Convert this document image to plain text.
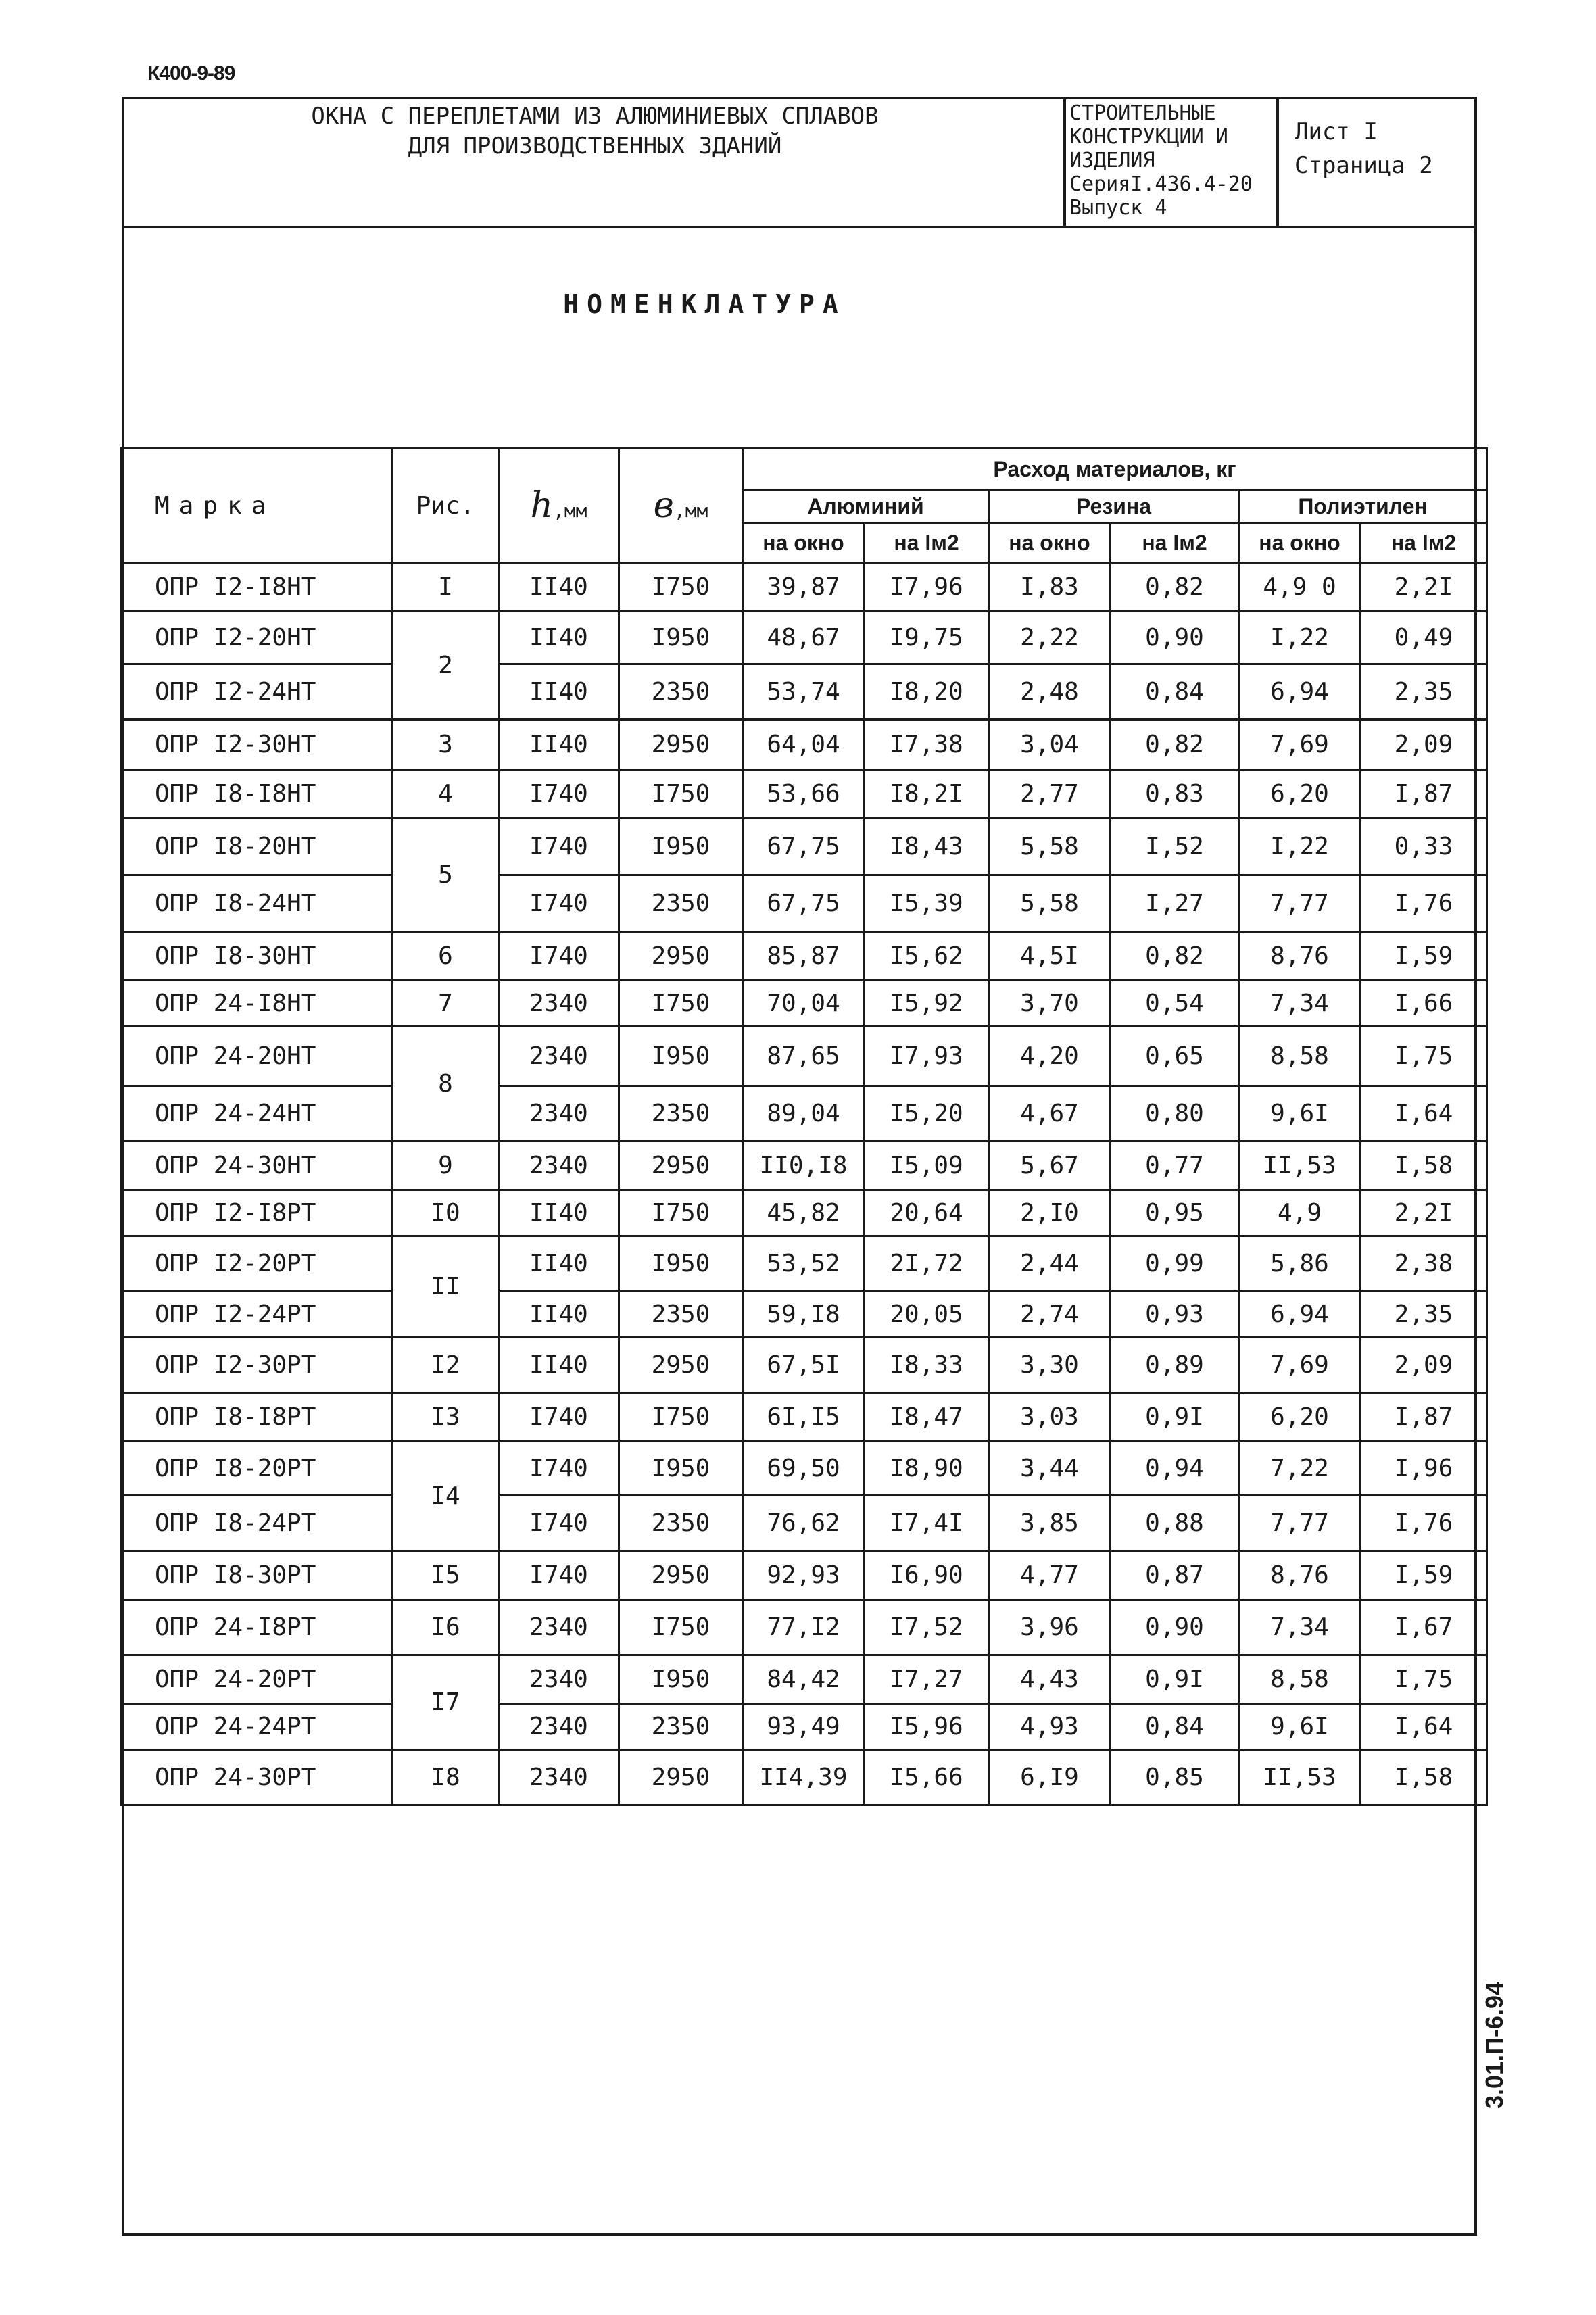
К400-9-89
ОКНА С ПЕРЕПЛЕТАМИ ИЗ АЛЮМИНИЕВЫХ СПЛАВОВ
ДЛЯ ПРОИЗВОДСТВЕННЫХ ЗДАНИЙ
СТРОИТЕЛЬНЫЕ
КОНСТРУКЦИИ И
ИЗДЕЛИЯ
СерияI.436.4-20
Выпуск 4
Лист I
Страница 2
НОМЕНКЛАТУРА
Марка	Рис.	h,мм	в,мм	Расход материалов, кг					
				Алюминий		Резина		Полиэтилен	
				на окно	на Iм2	на окно	на Iм2	на окно	на Iм2
ОПР I2-I8НТ	I	II40	I750	39,87	I7,96	I,83	0,82	4,9 0	2,2I
ОПР I2-20НТ	2	II40	I950	48,67	I9,75	2,22	0,90	I,22	0,49
ОПР I2-24НТ		II40	2350	53,74	I8,20	2,48	0,84	6,94	2,35
ОПР I2-30НТ	3	II40	2950	64,04	I7,38	3,04	0,82	7,69	2,09
ОПР I8-I8НТ	4	I740	I750	53,66	I8,2I	2,77	0,83	6,20	I,87
ОПР I8-20НТ	5	I740	I950	67,75	I8,43	5,58	I,52	I,22	0,33
ОПР I8-24НТ		I740	2350	67,75	I5,39	5,58	I,27	7,77	I,76
ОПР I8-30НТ	6	I740	2950	85,87	I5,62	4,5I	0,82	8,76	I,59
ОПР 24-I8НТ	7	2340	I750	70,04	I5,92	3,70	0,54	7,34	I,66
ОПР 24-20НТ	8	2340	I950	87,65	I7,93	4,20	0,65	8,58	I,75
ОПР 24-24НТ		2340	2350	89,04	I5,20	4,67	0,80	9,6I	I,64
ОПР 24-30НТ	9	2340	2950	II0,I8	I5,09	5,67	0,77	II,53	I,58
ОПР I2-I8РТ	I0	II40	I750	45,82	20,64	2,I0	0,95	4,9	2,2I
ОПР I2-20РТ	II	II40	I950	53,52	2I,72	2,44	0,99	5,86	2,38
ОПР I2-24РТ		II40	2350	59,I8	20,05	2,74	0,93	6,94	2,35
ОПР I2-30РТ	I2	II40	2950	67,5I	I8,33	3,30	0,89	7,69	2,09
ОПР I8-I8РТ	I3	I740	I750	6I,I5	I8,47	3,03	0,9I	6,20	I,87
ОПР I8-20РТ	I4	I740	I950	69,50	I8,90	3,44	0,94	7,22	I,96
ОПР I8-24РТ		I740	2350	76,62	I7,4I	3,85	0,88	7,77	I,76
ОПР I8-30РТ	I5	I740	2950	92,93	I6,90	4,77	0,87	8,76	I,59
ОПР 24-I8РТ	I6	2340	I750	77,I2	I7,52	3,96	0,90	7,34	I,67
ОПР 24-20РТ	I7	2340	I950	84,42	I7,27	4,43	0,9I	8,58	I,75
ОПР 24-24РТ		2340	2350	93,49	I5,96	4,93	0,84	9,6I	I,64
ОПР 24-30РТ	I8	2340	2950	II4,39	I5,66	6,I9	0,85	II,53	I,58
3.01.П-6.94
